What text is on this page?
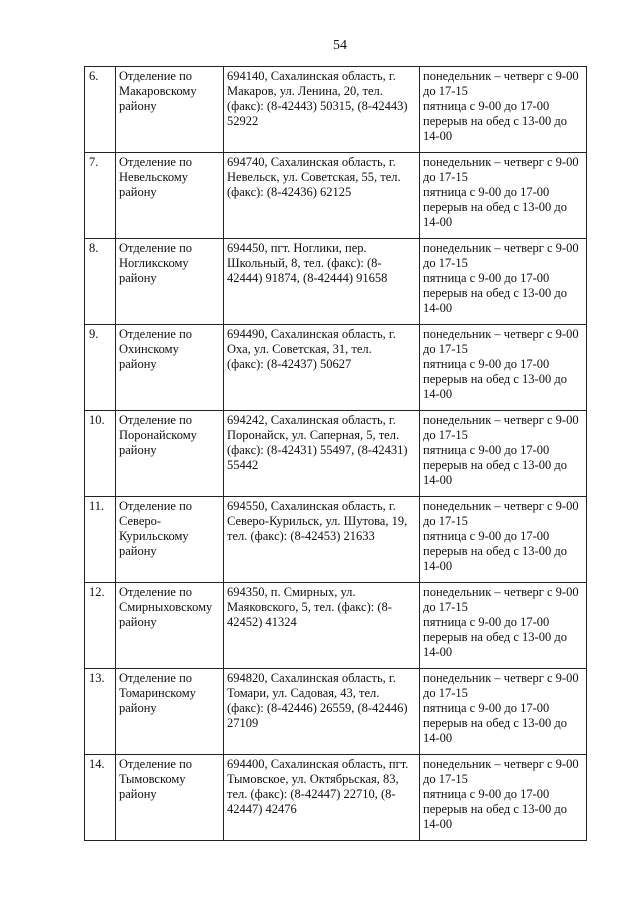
54
6.	Отделение по
Макаровскому
району	694140, Сахалинская область, г.
Макаров, ул. Ленина, 20, тел.
(факс): (8-42443) 50315, (8-42443)
52922	понедельник – четверг с 9-00
до 17-15
пятница с 9-00 до 17-00
перерыв на обед с 13-00 до
14-00

7.	Отделение по
Невельскому
району	694740, Сахалинская область, г.
Невельск, ул. Советская, 55, тел.
(факс): (8-42436) 62125	понедельник – четверг с 9-00
до 17-15
пятница с 9-00 до 17-00
перерыв на обед с 13-00 до
14-00

8.	Отделение по
Ногликскому
району	694450, пгт. Ноглики, пер.
Школьный, 8, тел. (факс): (8-
42444) 91874, (8-42444) 91658	понедельник – четверг с 9-00
до 17-15
пятница с 9-00 до 17-00
перерыв на обед с 13-00 до
14-00

9.	Отделение по
Охинскому
району	694490, Сахалинская область, г.
Оха, ул. Советская, 31, тел.
(факс): (8-42437) 50627	понедельник – четверг с 9-00
до 17-15
пятница с 9-00 до 17-00
перерыв на обед с 13-00 до
14-00

10.	Отделение по
Поронайскому
району	694242, Сахалинская область, г.
Поронайск, ул. Саперная, 5, тел.
(факс): (8-42431) 55497, (8-42431)
55442	понедельник – четверг с 9-00
до 17-15
пятница с 9-00 до 17-00
перерыв на обед с 13-00 до
14-00

11.	Отделение по
Северо-
Курильскому
району	694550, Сахалинская область, г.
Северо-Курильск, ул. Шутова, 19,
тел. (факс): (8-42453) 21633	понедельник – четверг с 9-00
до 17-15
пятница с 9-00 до 17-00
перерыв на обед с 13-00 до
14-00

12.	Отделение по
Смирныховскому
району	694350, п. Смирных, ул.
Маяковского, 5, тел. (факс): (8-
42452) 41324	понедельник – четверг с 9-00
до 17-15
пятница с 9-00 до 17-00
перерыв на обед с 13-00 до
14-00

13.	Отделение по
Томаринскому
району	694820, Сахалинская область, г.
Томари, ул. Садовая, 43, тел.
(факс): (8-42446) 26559, (8-42446)
27109	понедельник – четверг с 9-00
до 17-15
пятница с 9-00 до 17-00
перерыв на обед с 13-00 до
14-00

14.	Отделение по
Тымовскому
району	694400, Сахалинская область, пгт.
Тымовское, ул. Октябрьская, 83,
тел. (факс): (8-42447) 22710, (8-
42447) 42476	понедельник – четверг с 9-00
до 17-15
пятница с 9-00 до 17-00
перерыв на обед с 13-00 до
14-00
